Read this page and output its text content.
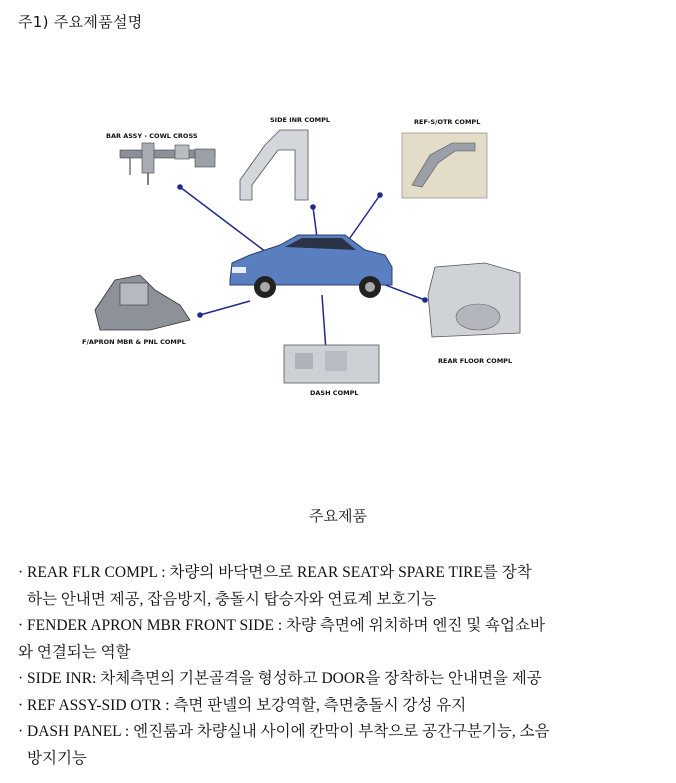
주1) 주요제품설명
BAR ASSY - COWL CROSS
SIDE INR COMPL	REF-S/OTR COMPL
F/APRON MBR & PNL COMPL
REAR FLOOR COMPL
DASH COMPL
주요제품

· REAR FLR COMPL : 차량의 바닥면으로 REAR SEAT와 SPARE TIRE를 장착

하는 안내면 제공, 잡음방지, 충돌시 탑승자와 연료계 보호기능

· FENDER APRON MBR FRONT SIDE : 차량 측면에 위치하며 엔진 및 쇽업쇼바

와 연결되는 역할

· SIDE INR: 차체측면의 기본골격을 형성하고 DOOR을 장착하는 안내면을 제공

· REF ASSY-SID OTR : 측면 판넬의 보강역할, 측면충돌시 강성 유지

· DASH PANEL : 엔진룸과 차량실내 사이에 칸막이 부착으로 공간구분기능, 소음

방지기능
